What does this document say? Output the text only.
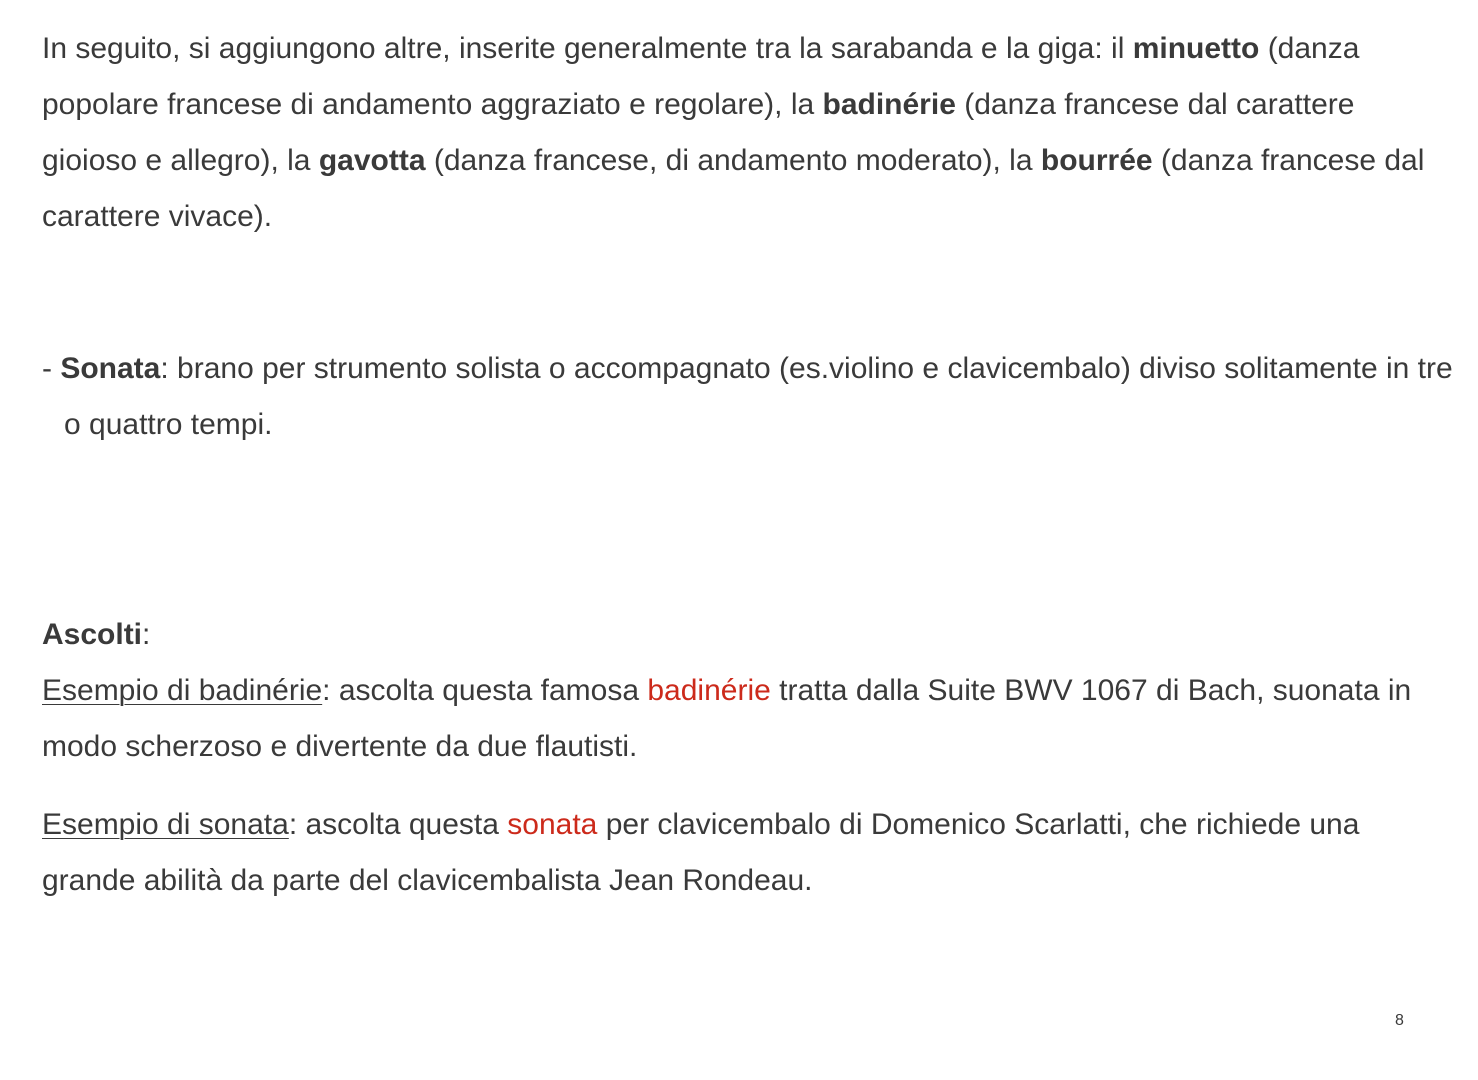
In seguito, si aggiungono altre, inserite generalmente tra la sarabanda e la giga: il minuetto (danza popolare francese di andamento aggraziato e regolare), la badinérie (danza francese dal carattere gioioso e allegro), la gavotta (danza francese, di andamento moderato), la bourrée (danza francese dal carattere vivace).

- Sonata: brano per strumento solista o accompagnato (es.violino e clavicembalo) diviso solitamente in tre o quattro tempi.

Ascolti:

Esempio di badinérie: ascolta questa famosa badinérie tratta dalla Suite BWV 1067 di Bach, suonata in modo scherzoso e divertente da due flautisti.

Esempio di sonata: ascolta questa sonata per clavicembalo di Domenico Scarlatti, che richiede una grande abilità da parte del clavicembalista Jean Rondeau.

8
